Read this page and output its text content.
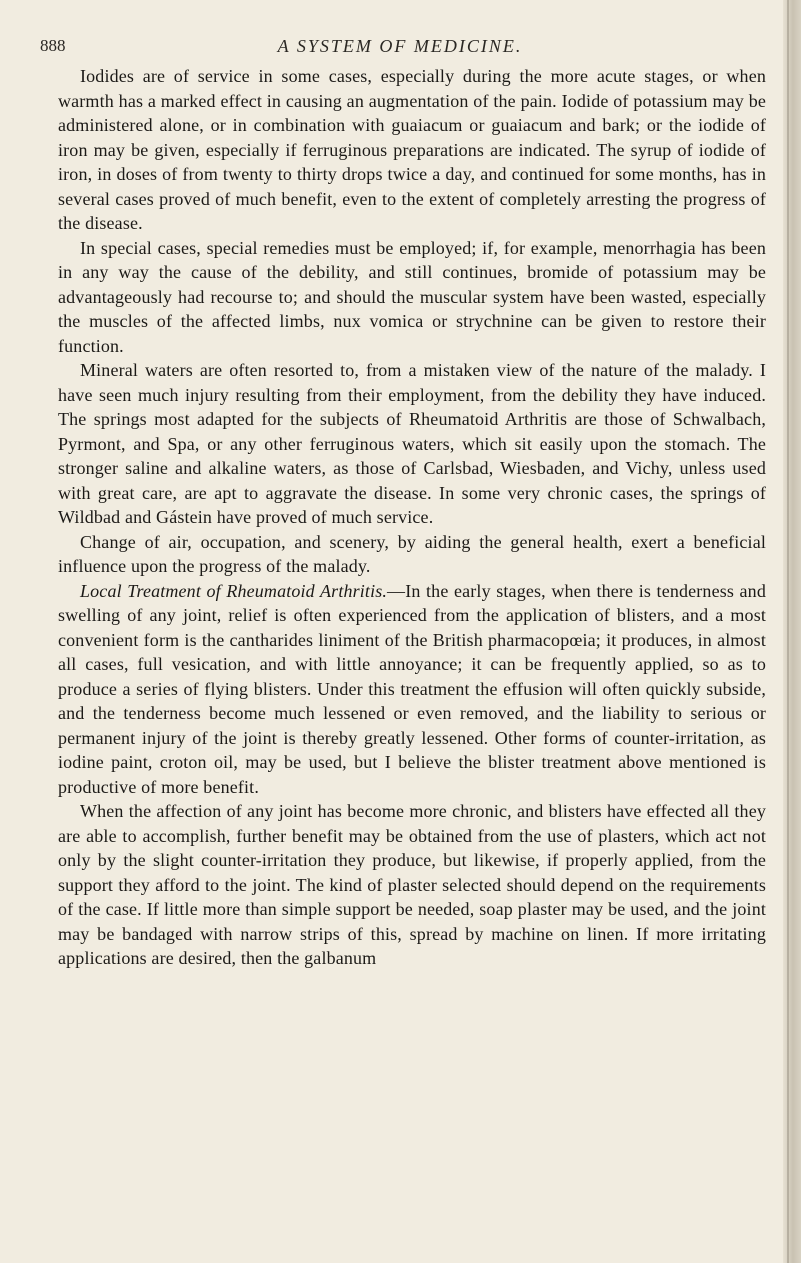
888	A SYSTEM OF MEDICINE.

Iodides are of service in some cases, especially during the more acute stages, or when warmth has a marked effect in causing an augmentation of the pain. Iodide of potassium may be administered alone, or in combination with guaiacum or guaiacum and bark; or the iodide of iron may be given, especially if ferruginous preparations are indicated. The syrup of iodide of iron, in doses of from twenty to thirty drops twice a day, and continued for some months, has in several cases proved of much benefit, even to the extent of completely arresting the progress of the disease.

In special cases, special remedies must be employed; if, for example, menorrhagia has been in any way the cause of the debility, and still continues, bromide of potassium may be advantageously had recourse to; and should the muscular system have been wasted, especially the muscles of the affected limbs, nux vomica or strychnine can be given to restore their function.

Mineral waters are often resorted to, from a mistaken view of the nature of the malady. I have seen much injury resulting from their employment, from the debility they have induced. The springs most adapted for the subjects of Rheumatoid Arthritis are those of Schwalbach, Pyrmont, and Spa, or any other ferruginous waters, which sit easily upon the stomach. The stronger saline and alkaline waters, as those of Carlsbad, Wiesbaden, and Vichy, unless used with great care, are apt to aggravate the disease. In some very chronic cases, the springs of Wildbad and Gástein have proved of much service.

Change of air, occupation, and scenery, by aiding the general health, exert a beneficial influence upon the progress of the malady.

Local Treatment of Rheumatoid Arthritis.—In the early stages, when there is tenderness and swelling of any joint, relief is often experienced from the application of blisters, and a most convenient form is the cantharides liniment of the British pharmacopœia; it produces, in almost all cases, full vesication, and with little annoyance; it can be frequently applied, so as to produce a series of flying blisters. Under this treatment the effusion will often quickly subside, and the tenderness become much lessened or even removed, and the liability to serious or permanent injury of the joint is thereby greatly lessened. Other forms of counter-irritation, as iodine paint, croton oil, may be used, but I believe the blister treatment above mentioned is productive of more benefit.

When the affection of any joint has become more chronic, and blisters have effected all they are able to accomplish, further benefit may be obtained from the use of plasters, which act not only by the slight counter-irritation they produce, but likewise, if properly applied, from the support they afford to the joint. The kind of plaster selected should depend on the requirements of the case. If little more than simple support be needed, soap plaster may be used, and the joint may be bandaged with narrow strips of this, spread by machine on linen. If more irritating applications are desired, then the galbanum
